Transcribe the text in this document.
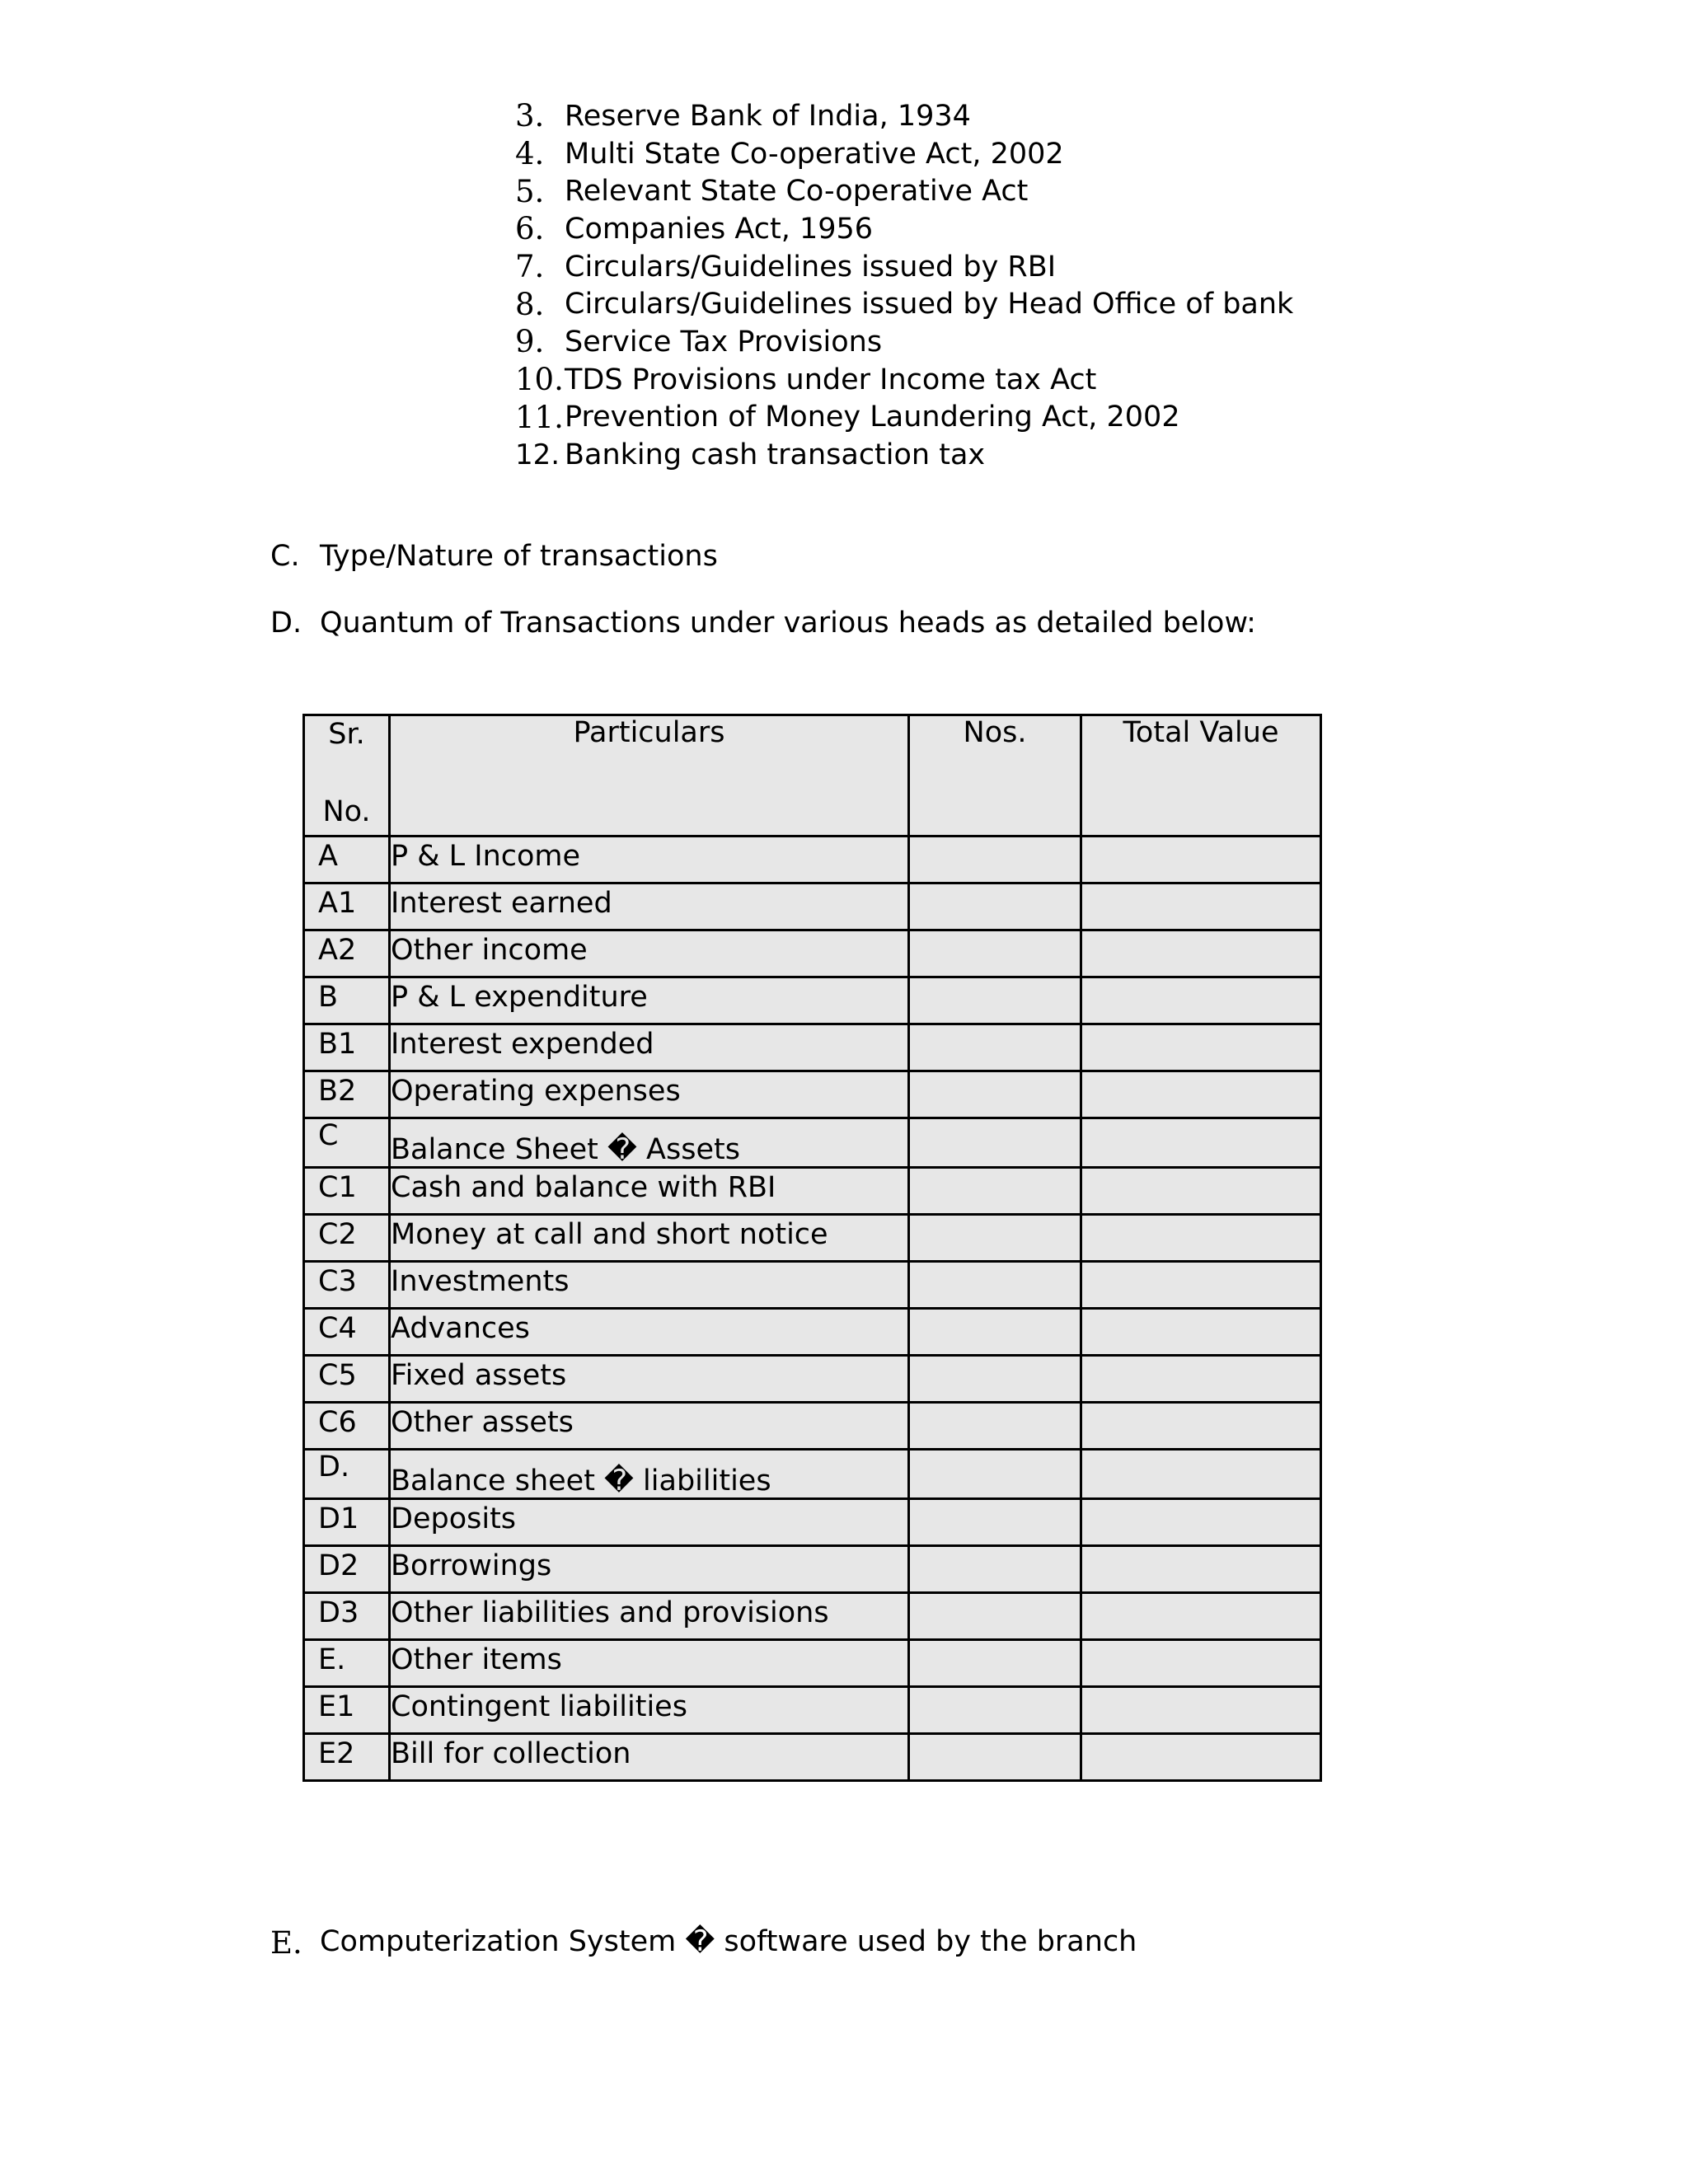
3. Reserve Bank of India, 1934
4. Multi State Co-operative Act, 2002
5. Relevant State Co-operative Act
6. Companies Act, 1956
7. Circulars/Guidelines issued by RBI
8. Circulars/Guidelines issued by Head Office of bank
9. Service Tax Provisions
10. TDS Provisions under Income tax Act
11. Prevention of Money Laundering Act, 2002
12. Banking cash transaction tax
C. Type/Nature of transactions
D. Quantum of Transactions under various heads as detailed below:
Sr.
No.	Particulars	Nos.	Total Value
A	P & L Income		
A1	Interest earned		
A2	Other income		
B	P & L expenditure		
B1	Interest expended		
B2	Operating expenses		
C	Balance Sheet � Assets		
C1	Cash and balance with RBI		
C2	Money at call and short notice		
C3	Investments		
C4	Advances		
C5	Fixed assets		
C6	Other assets		
D.	Balance sheet � liabilities		
D1	Deposits		
D2	Borrowings		
D3	Other liabilities and provisions		
E.	Other items		
E1	Contingent liabilities		
E2	Bill for collection		
E. Computerization System � software used by the branch
